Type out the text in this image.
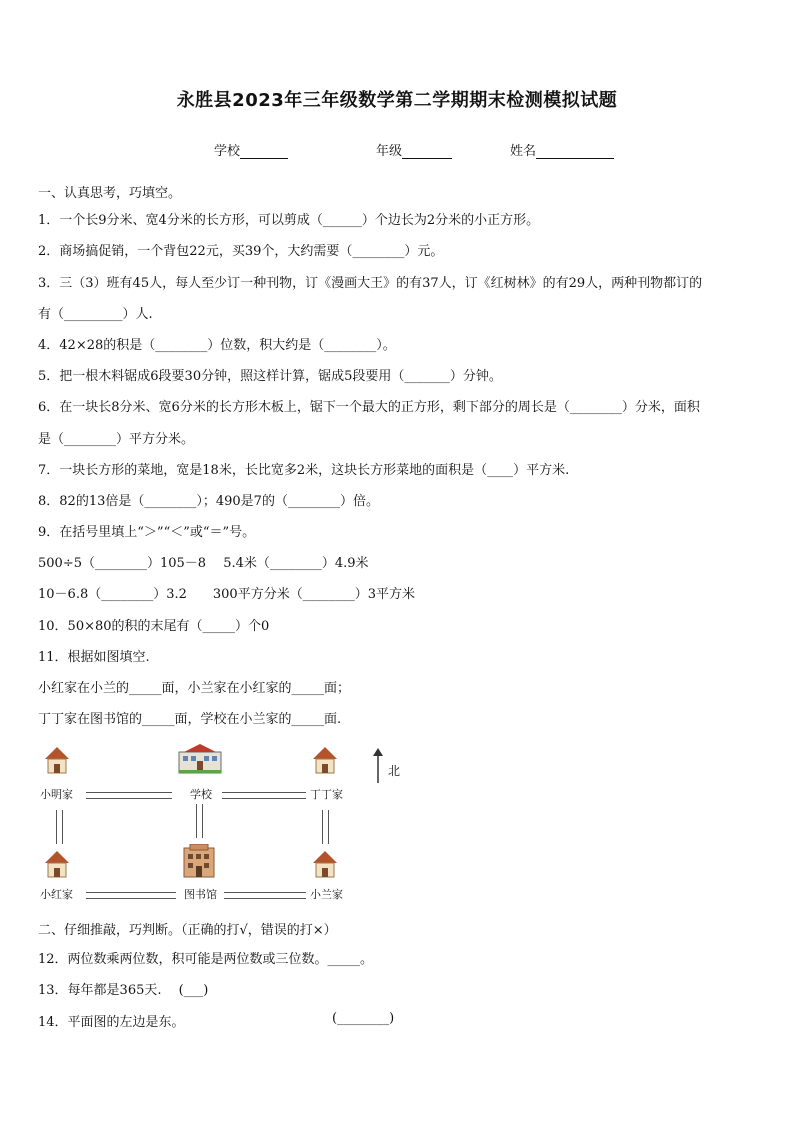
永胜县2023年三年级数学第二学期期末检测模拟试题
学校	年级	姓名
一、认真思考，巧填空。
1．一个长9分米、宽4分米的长方形，可以剪成（______）个边长为2分米的小正方形。
2．商场搞促销，一个背包22元，买39个，大约需要（________）元。
3．三（3）班有45人，每人至少订一种刊物，订《漫画大王》的有37人，订《红树林》的有29人，两种刊物都订的
有（_________）人.
4．42×28的积是（________）位数，积大约是（________）。
5．把一根木料锯成6段要30分钟，照这样计算，锯成5段要用（_______）分钟。
6．在一块长8分米、宽6分米的长方形木板上，锯下一个最大的正方形，剩下部分的周长是（________）分米，面积
是（________）平方分米。
7．一块长方形的菜地，宽是18米，长比宽多2米，这块长方形菜地的面积是（____）平方米.
8．82的13倍是（________）；490是7的（________）倍。
9．在括号里填上“＞”“＜”或“＝”号。
500÷5（________）105－8　 5.4米（________）4.9米
10－6.8（________）3.2　　300平方分米（________）3平方米
10．50×80的积的末尾有（_____）个0
11．根据如图填空.
小红家在小兰的_____面，小兰家在小红家的_____面；
丁丁家在图书馆的_____面，学校在小兰家的_____面.
小明家	学校	丁丁家
小红家	图书馆	小兰家
北
二、仔细推敲，巧判断。（正确的打√，错误的打×）
12．两位数乘两位数，积可能是两位数或三位数。_____。
13．每年都是365天.　 (___)
14．平面图的左边是东。	(________)
